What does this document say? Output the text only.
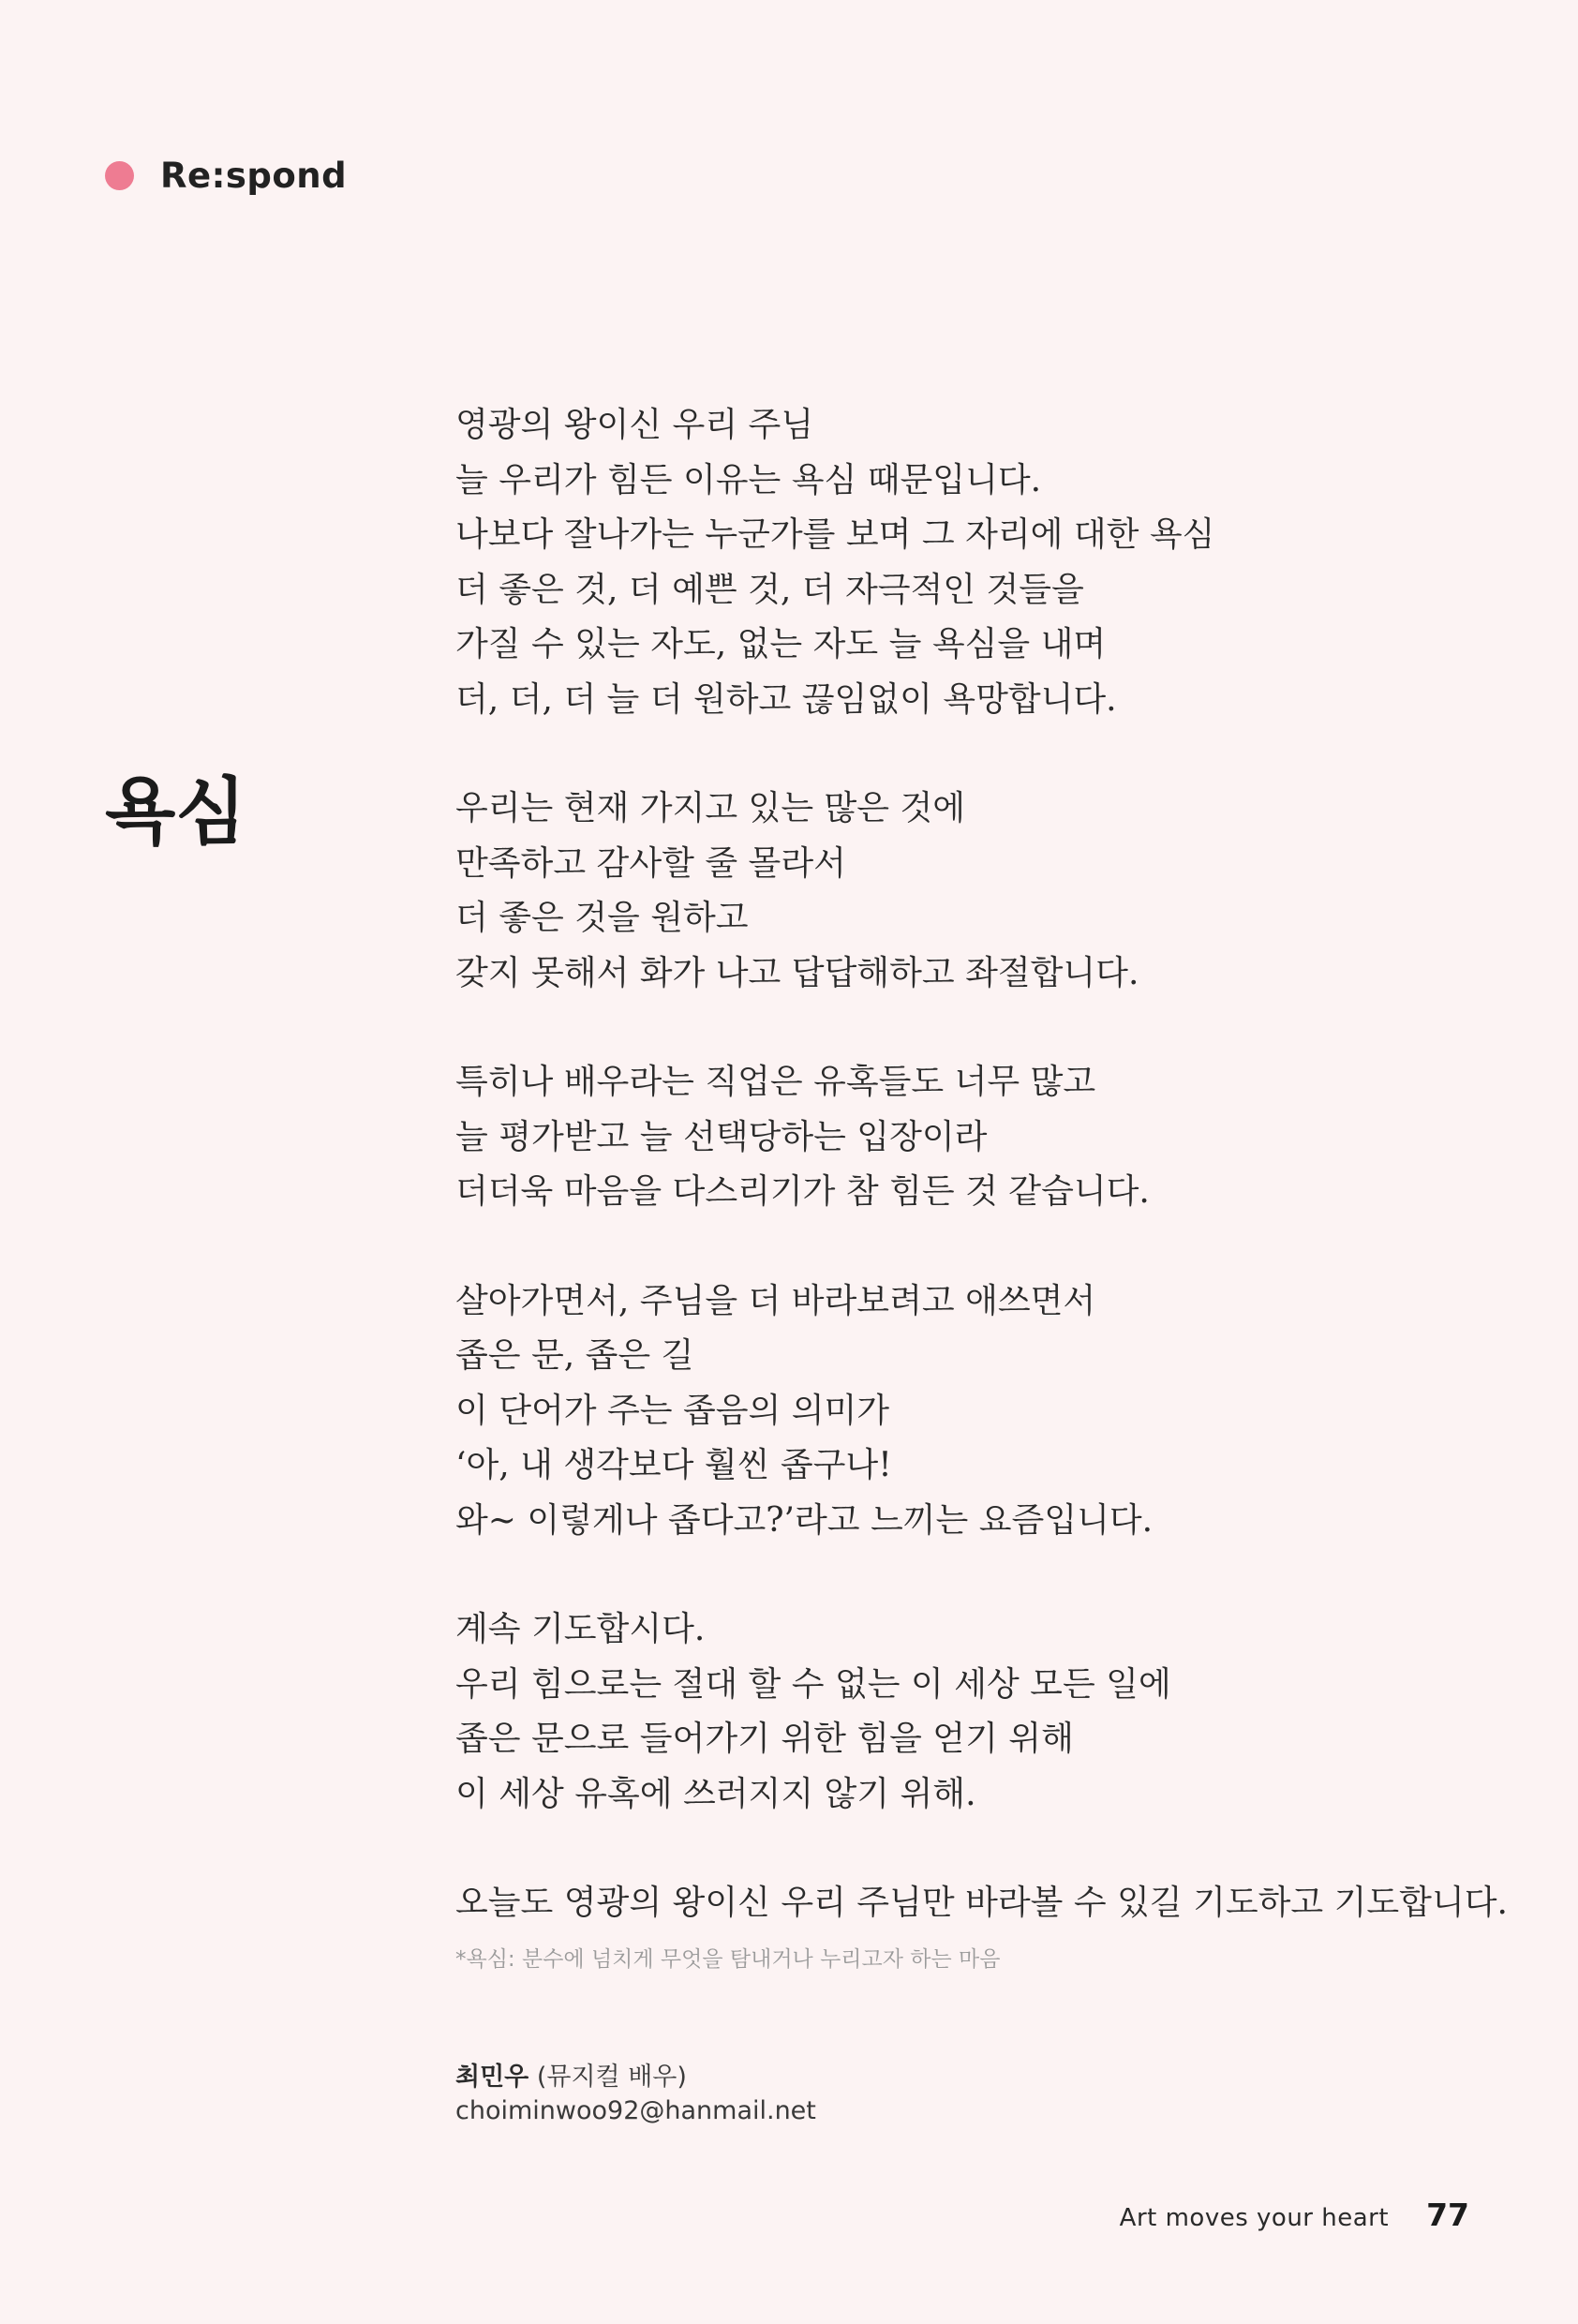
Re:spond
욕심
영광의 왕이신 우리 주님
늘 우리가 힘든 이유는 욕심 때문입니다.
나보다 잘나가는 누군가를 보며 그 자리에 대한 욕심
더 좋은 것, 더 예쁜 것, 더 자극적인 것들을
가질 수 있는 자도, 없는 자도 늘 욕심을 내며
더, 더, 더 늘 더 원하고 끊임없이 욕망합니다.
우리는 현재 가지고 있는 많은 것에
만족하고 감사할 줄 몰라서
더 좋은 것을 원하고
갖지 못해서 화가 나고 답답해하고 좌절합니다.
특히나 배우라는 직업은 유혹들도 너무 많고
늘 평가받고 늘 선택당하는 입장이라
더더욱 마음을 다스리기가 참 힘든 것 같습니다.
살아가면서, 주님을 더 바라보려고 애쓰면서
좁은 문, 좁은 길
이 단어가 주는 좁음의 의미가
‘아, 내 생각보다 훨씬 좁구나!
와~ 이렇게나 좁다고?’라고 느끼는 요즘입니다.
계속 기도합시다.
우리 힘으로는 절대 할 수 없는 이 세상 모든 일에
좁은 문으로 들어가기 위한 힘을 얻기 위해
이 세상 유혹에 쓰러지지 않기 위해.
오늘도 영광의 왕이신 우리 주님만 바라볼 수 있길 기도하고 기도합니다.
*욕심: 분수에 넘치게 무엇을 탐내거나 누리고자 하는 마음
최민우 (뮤지컬 배우)
choiminwoo92@hanmail.net
Art moves your heart 77
